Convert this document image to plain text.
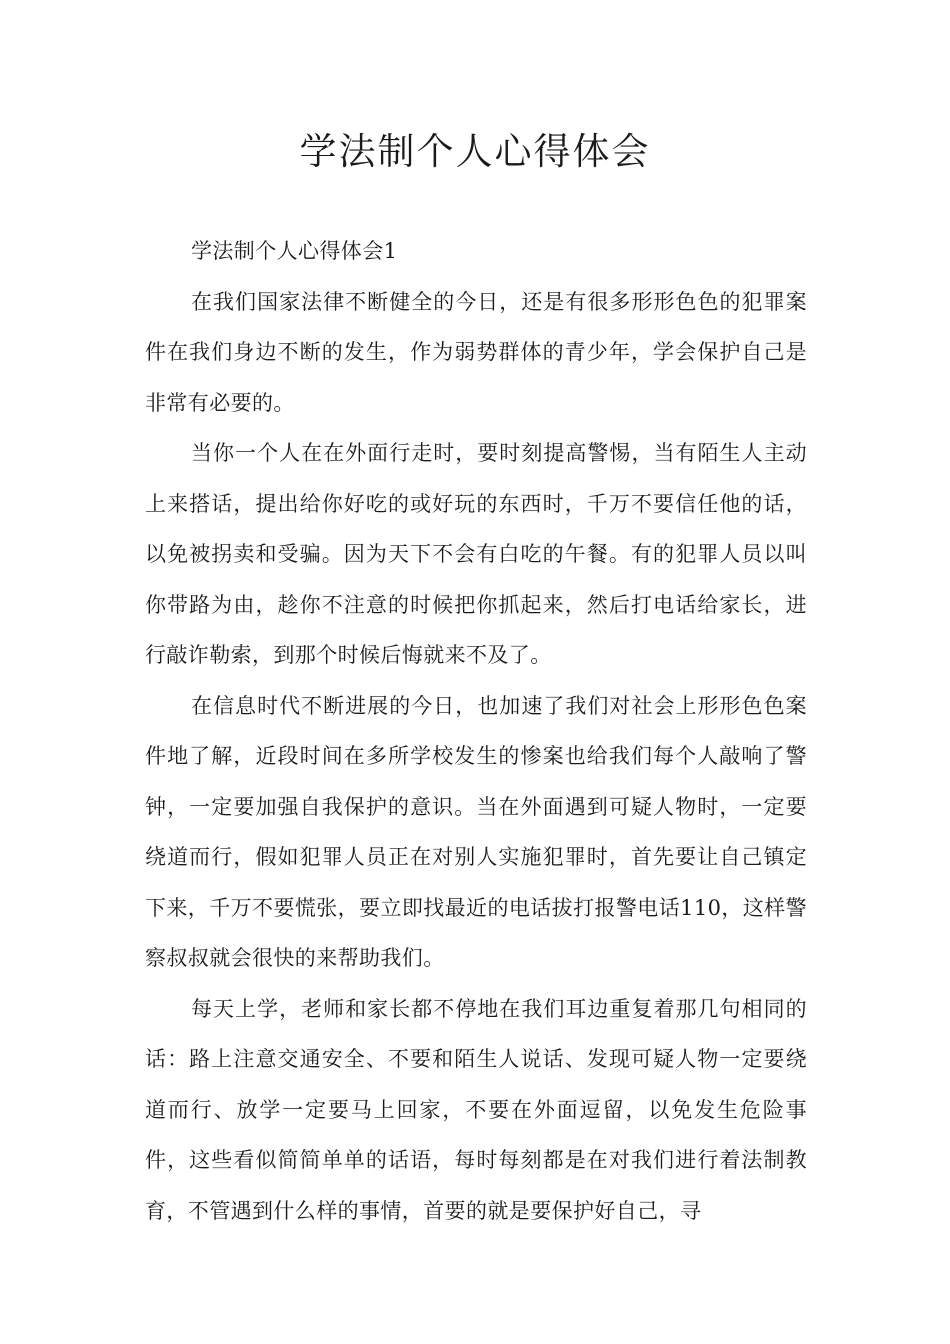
学法制个人心得体会

学法制个人心得体会1

在我们国家法律不断健全的今日，还是有很多形形色色的犯罪案件在我们身边不断的发生，作为弱势群体的青少年，学会保护自己是非常有必要的。

当你一个人在在外面行走时，要时刻提高警惕，当有陌生人主动上来搭话，提出给你好吃的或好玩的东西时，千万不要信任他的话，以免被拐卖和受骗。因为天下不会有白吃的午餐。有的犯罪人员以叫你带路为由，趁你不注意的时候把你抓起来，然后打电话给家长，进行敲诈勒索，到那个时候后悔就来不及了。

在信息时代不断进展的今日，也加速了我们对社会上形形色色案件地了解，近段时间在多所学校发生的惨案也给我们每个人敲响了警钟，一定要加强自我保护的意识。当在外面遇到可疑人物时，一定要绕道而行，假如犯罪人员正在对别人实施犯罪时，首先要让自己镇定下来，千万不要慌张，要立即找最近的电话拔打报警电话110，这样警察叔叔就会很快的来帮助我们。

每天上学，老师和家长都不停地在我们耳边重复着那几句相同的话：路上注意交通安全、不要和陌生人说话、发现可疑人物一定要绕道而行、放学一定要马上回家，不要在外面逗留，以免发生危险事件，这些看似简简单单的话语，每时每刻都是在对我们进行着法制教育，不管遇到什么样的事情，首要的就是要保护好自己，寻
